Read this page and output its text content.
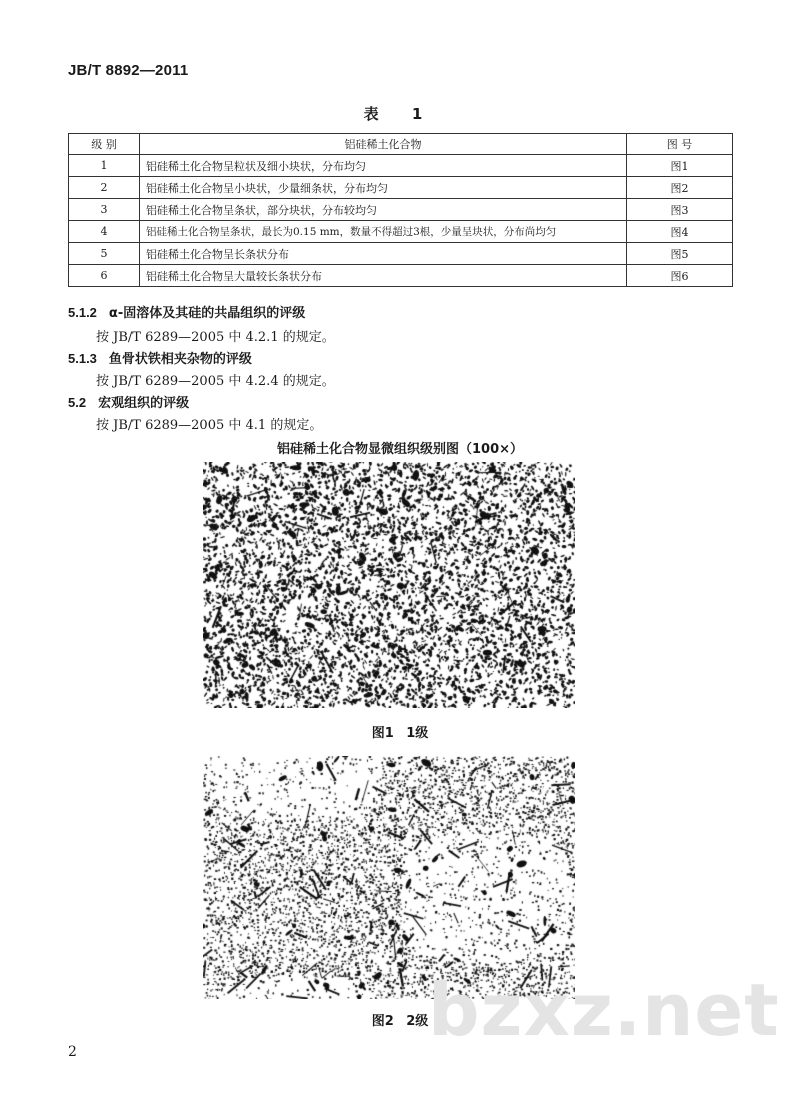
JB/T 8892—2011
表 1
级 别	铝硅稀土化合物	图 号
1	铝硅稀土化合物呈粒状及细小块状，分布均匀	图1
2	铝硅稀土化合物呈小块状，少量细条状，分布均匀	图2
3	铝硅稀土化合物呈条状，部分块状，分布较均匀	图3
4	铝硅稀土化合物呈条状，最长为0.15 mm，数量不得超过3根，少量呈块状，分布尚均匀	图4
5	铝硅稀土化合物呈长条状分布	图5
6	铝硅稀土化合物呈大量较长条状分布	图6
5.1.2 α-固溶体及其硅的共晶组织的评级
按 JB/T 6289—2005 中 4.2.1 的规定。
5.1.3 鱼骨状铁相夹杂物的评级
按 JB/T 6289—2005 中 4.2.4 的规定。
5.2 宏观组织的评级
按 JB/T 6289—2005 中 4.1 的规定。
铝硅稀土化合物显微组织级别图（100×）
图1 1级
bzxz.net
图2 2级
2
